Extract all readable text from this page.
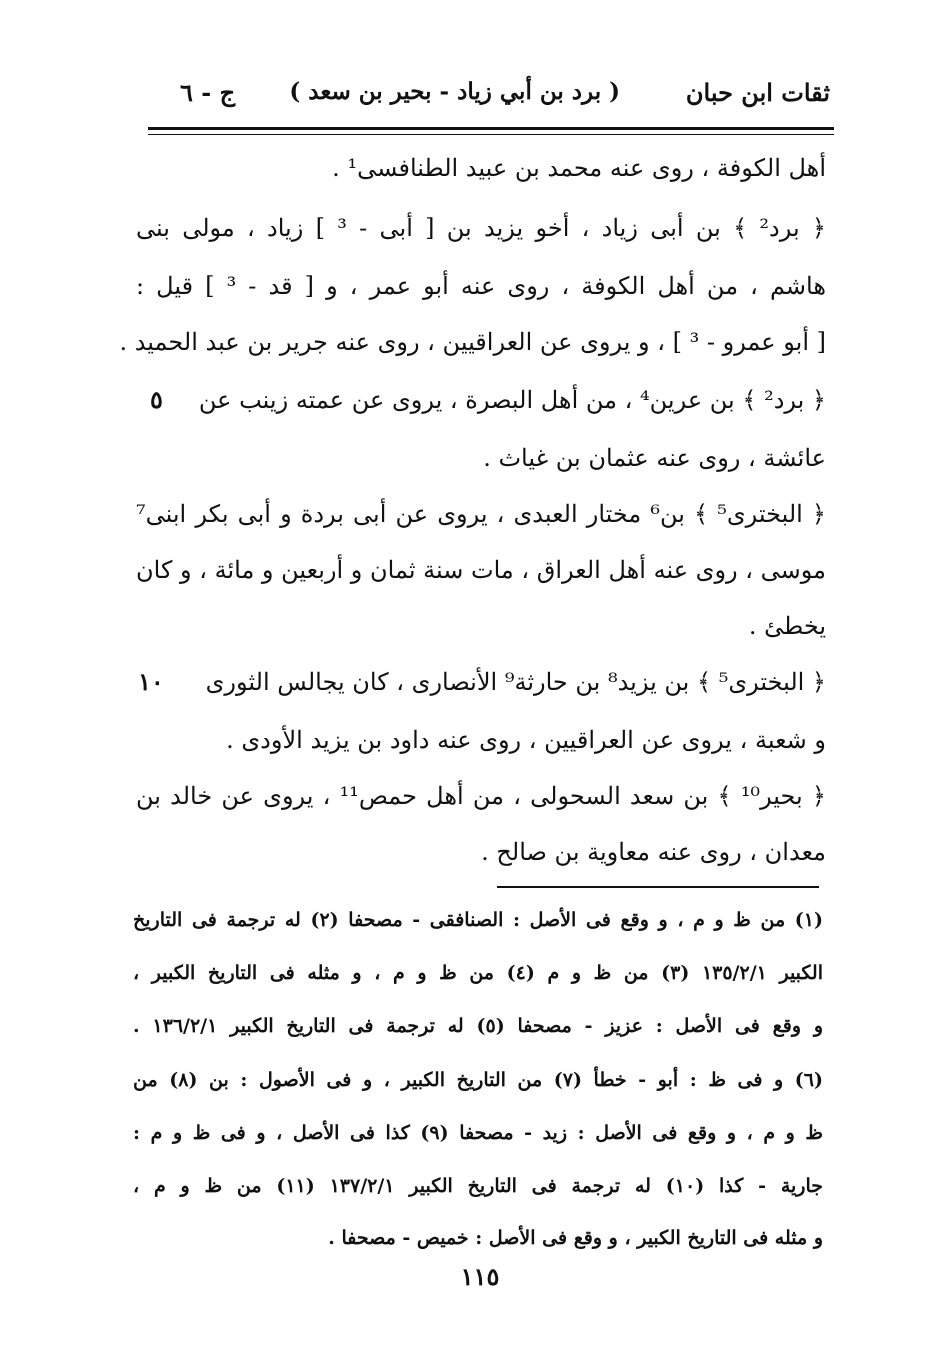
ثقات ابن حبان
( برد بن أبي زياد - بحير بن سعد )
ج - ٦
أهل الكوفة ، روى عنه محمد بن عبيد الطنافسى¹ .
﴿ برد² ﴾ بن أبى زياد ، أخو يزيد بن [ أبى - ³ ] زياد ، مولى بنى
هاشم ، من أهل الكوفة ، روى عنه أبو عمر ، و [ قد - ³ ] قيل :
[ أبو عمرو - ³ ] ، و يروى عن العراقيين ، روى عنه جرير بن عبد الحميد .
﴿ برد² ﴾ بن عرين⁴ ، من أهل البصرة ، يروى عن عمته زينب عن
٥
عائشة ، روى عنه عثمان بن غياث .
﴿ البخترى⁵ ﴾ بن⁶ مختار العبدى ، يروى عن أبى بردة و أبى بكر ابنى⁷
موسى ، روى عنه أهل العراق ، مات سنة ثمان و أربعين و مائة ، و كان
يخطئ .
﴿ البخترى⁵ ﴾ بن يزيد⁸ بن حارثة⁹ الأنصارى ، كان يجالس الثورى
١٠
و شعبة ، يروى عن العراقيين ، روى عنه داود بن يزيد الأودى .
﴿ بحير¹⁰ ﴾ بن سعد السحولى ، من أهل حمص¹¹ ، يروى عن خالد بن
معدان ، روى عنه معاوية بن صالح .
(١) من ظ و م ، و وقع فى الأصل : الصنافقى - مصحفا (٢) له ترجمة فى التاريخ
الكبير ١٣٥/٢/١ (٣) من ظ و م (٤) من ظ و م ، و مثله فى التاريخ الكبير ،
و وقع فى الأصل : عزيز - مصحفا (٥) له ترجمة فى التاريخ الكبير ١٣٦/٢/١ .
(٦) و فى ظ : أبو - خطأ (٧) من التاريخ الكبير ، و فى الأصول : بن (٨) من
ظ و م ، و وقع فى الأصل : زيد - مصحفا (٩) كذا فى الأصل ، و فى ظ و م :
جارية - كذا (١٠) له ترجمة فى التاريخ الكبير ١٣٧/٢/١ (١١) من ظ و م ،
و مثله فى التاريخ الكبير ، و وقع فى الأصل : خميص - مصحفا .
١١٥
